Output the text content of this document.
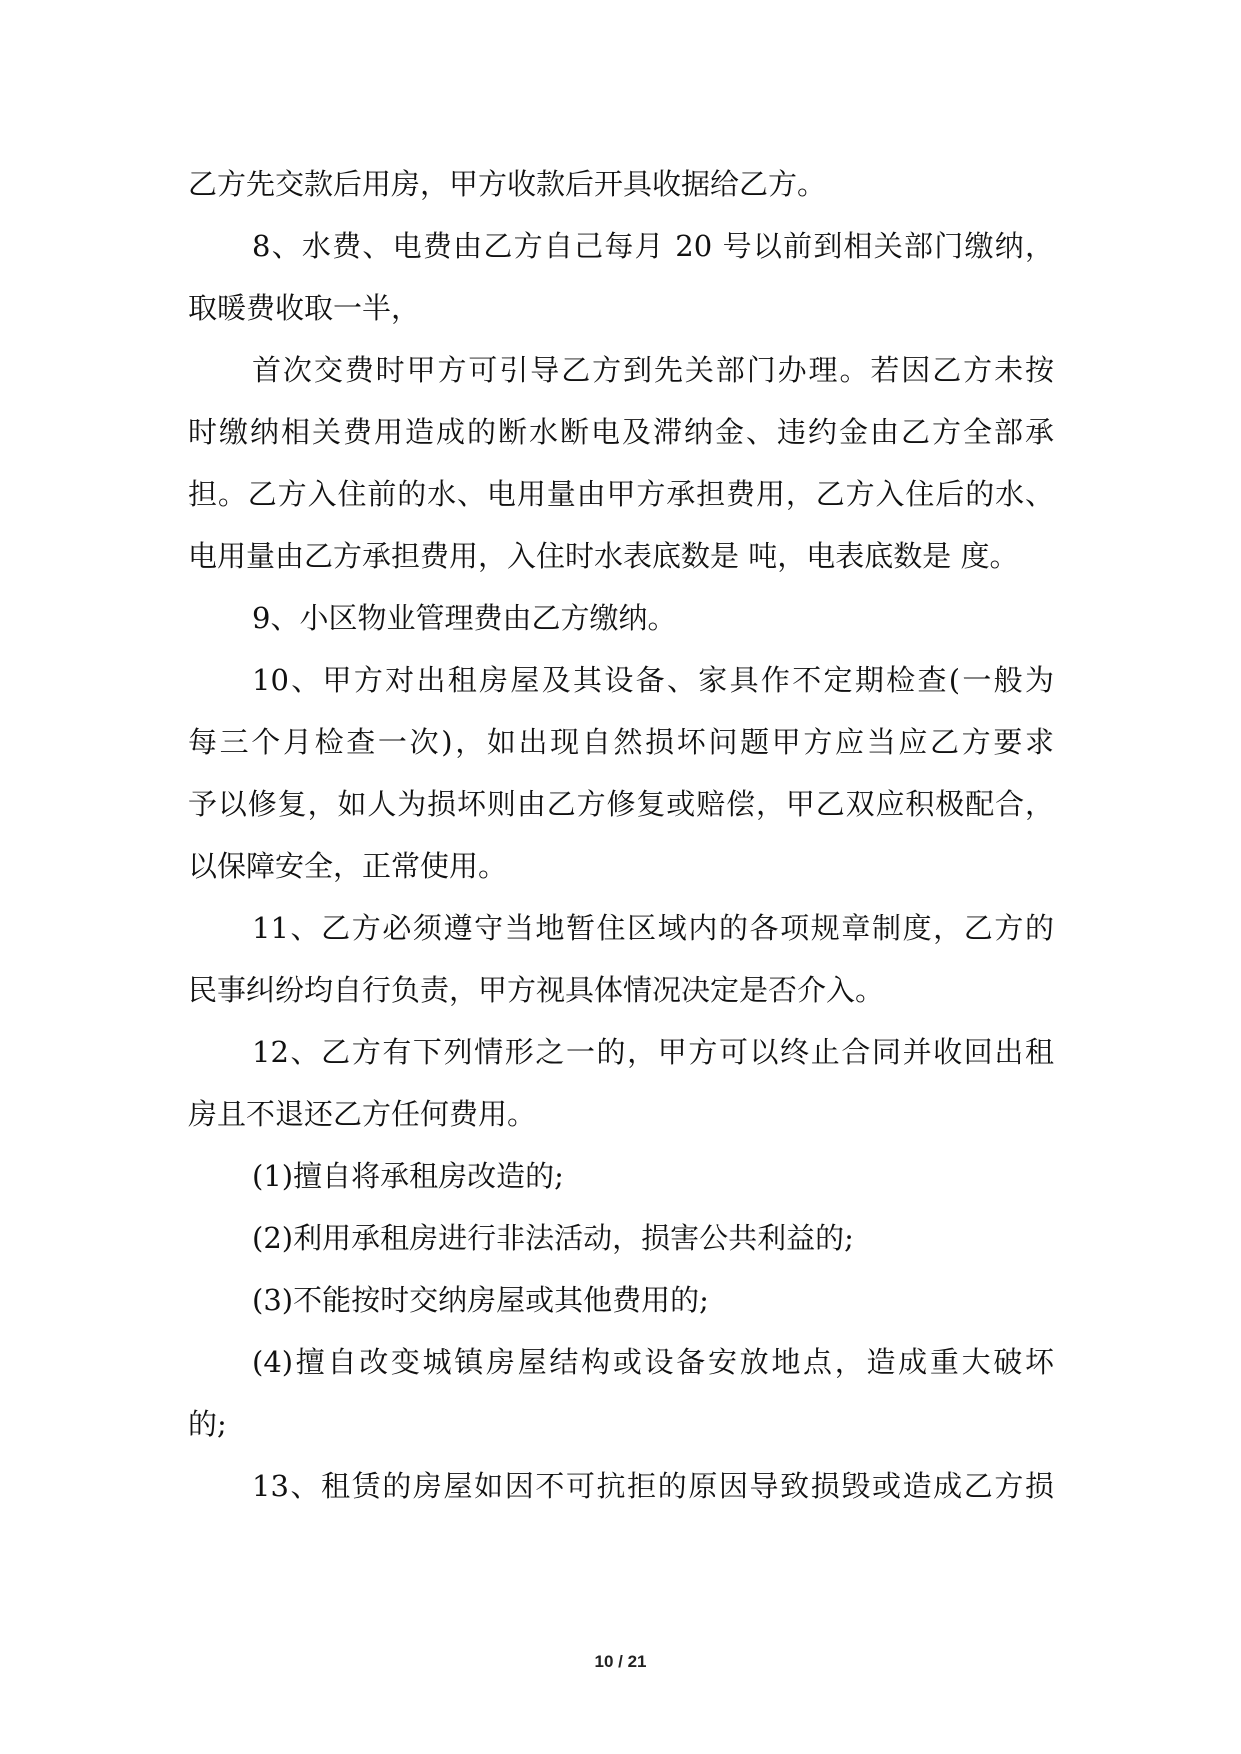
乙方先交款后用房，甲方收款后开具收据给乙方。
8、水费、电费由乙方自己每月 20 号以前到相关部门缴纳，
取暖费收取一半，
首次交费时甲方可引导乙方到先关部门办理。若因乙方未按
时缴纳相关费用造成的断水断电及滞纳金、违约金由乙方全部承
担。乙方入住前的水、电用量由甲方承担费用，乙方入住后的水、
电用量由乙方承担费用，入住时水表底数是 吨，电表底数是 度。
9、小区物业管理费由乙方缴纳。
10、甲方对出租房屋及其设备、家具作不定期检查(一般为
每三个月检查一次)，如出现自然损坏问题甲方应当应乙方要求
予以修复，如人为损坏则由乙方修复或赔偿，甲乙双应积极配合，
以保障安全，正常使用。
11、乙方必须遵守当地暂住区域内的各项规章制度，乙方的
民事纠纷均自行负责，甲方视具体情况决定是否介入。
12、乙方有下列情形之一的，甲方可以终止合同并收回出租
房且不退还乙方任何费用。
(1)擅自将承租房改造的;
(2)利用承租房进行非法活动，损害公共利益的;
(3)不能按时交纳房屋或其他费用的;
(4)擅自改变城镇房屋结构或设备安放地点，造成重大破坏
的;
13、租赁的房屋如因不可抗拒的原因导致损毁或造成乙方损
10 / 21
